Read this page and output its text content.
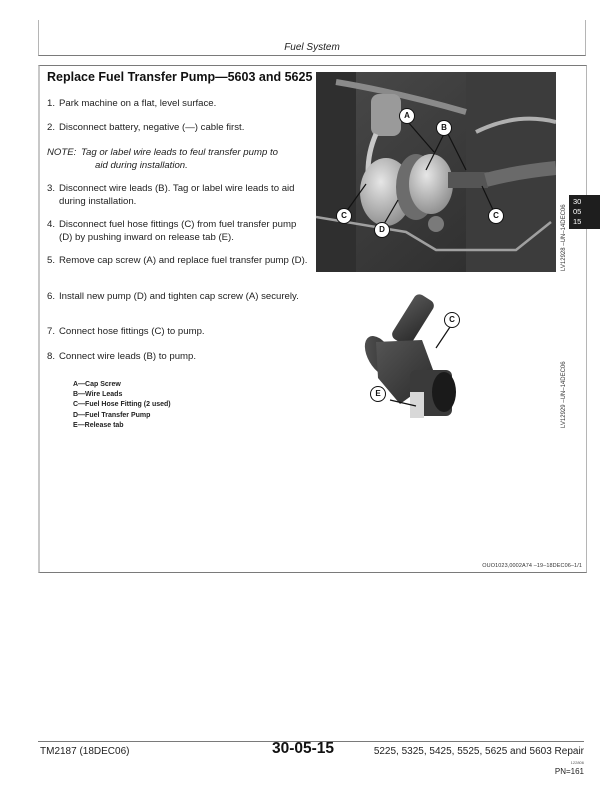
Fuel System
Replace Fuel Transfer Pump—5603 and 5625
1. Park machine on a flat, level surface.
2. Disconnect battery, negative (—) cable first.
NOTE: Tag or label wire leads to feul transfer pump to
aid during installation.
3. Disconnect wire leads (B). Tag or label wire leads to aid during installation.
4. Disconnect fuel hose fittings (C) from fuel transfer pump (D) by pushing inward on release tab (E).
5. Remove cap screw (A) and replace fuel transfer pump (D).
6. Install new pump (D) and tighten cap screw (A) securely.
7. Connect hose fittings (C) to pump.
8. Connect wire leads (B) to pump.
A—Cap Screw
B—Wire Leads
C—Fuel Hose Fitting (2 used)
D—Fuel Transfer Pump
E—Release tab
A
B
C	C
D	LV12928 –UN–14DEC06
C
E	LV12929 –UN–14DEC06
30
05
15
OUO1023,0002A74 –19–18DEC06–1/1
TM2187 (18DEC06)	30-05-15	5225, 5325, 5425, 5525, 5625 and 5603 Repair
122806
PN=161
